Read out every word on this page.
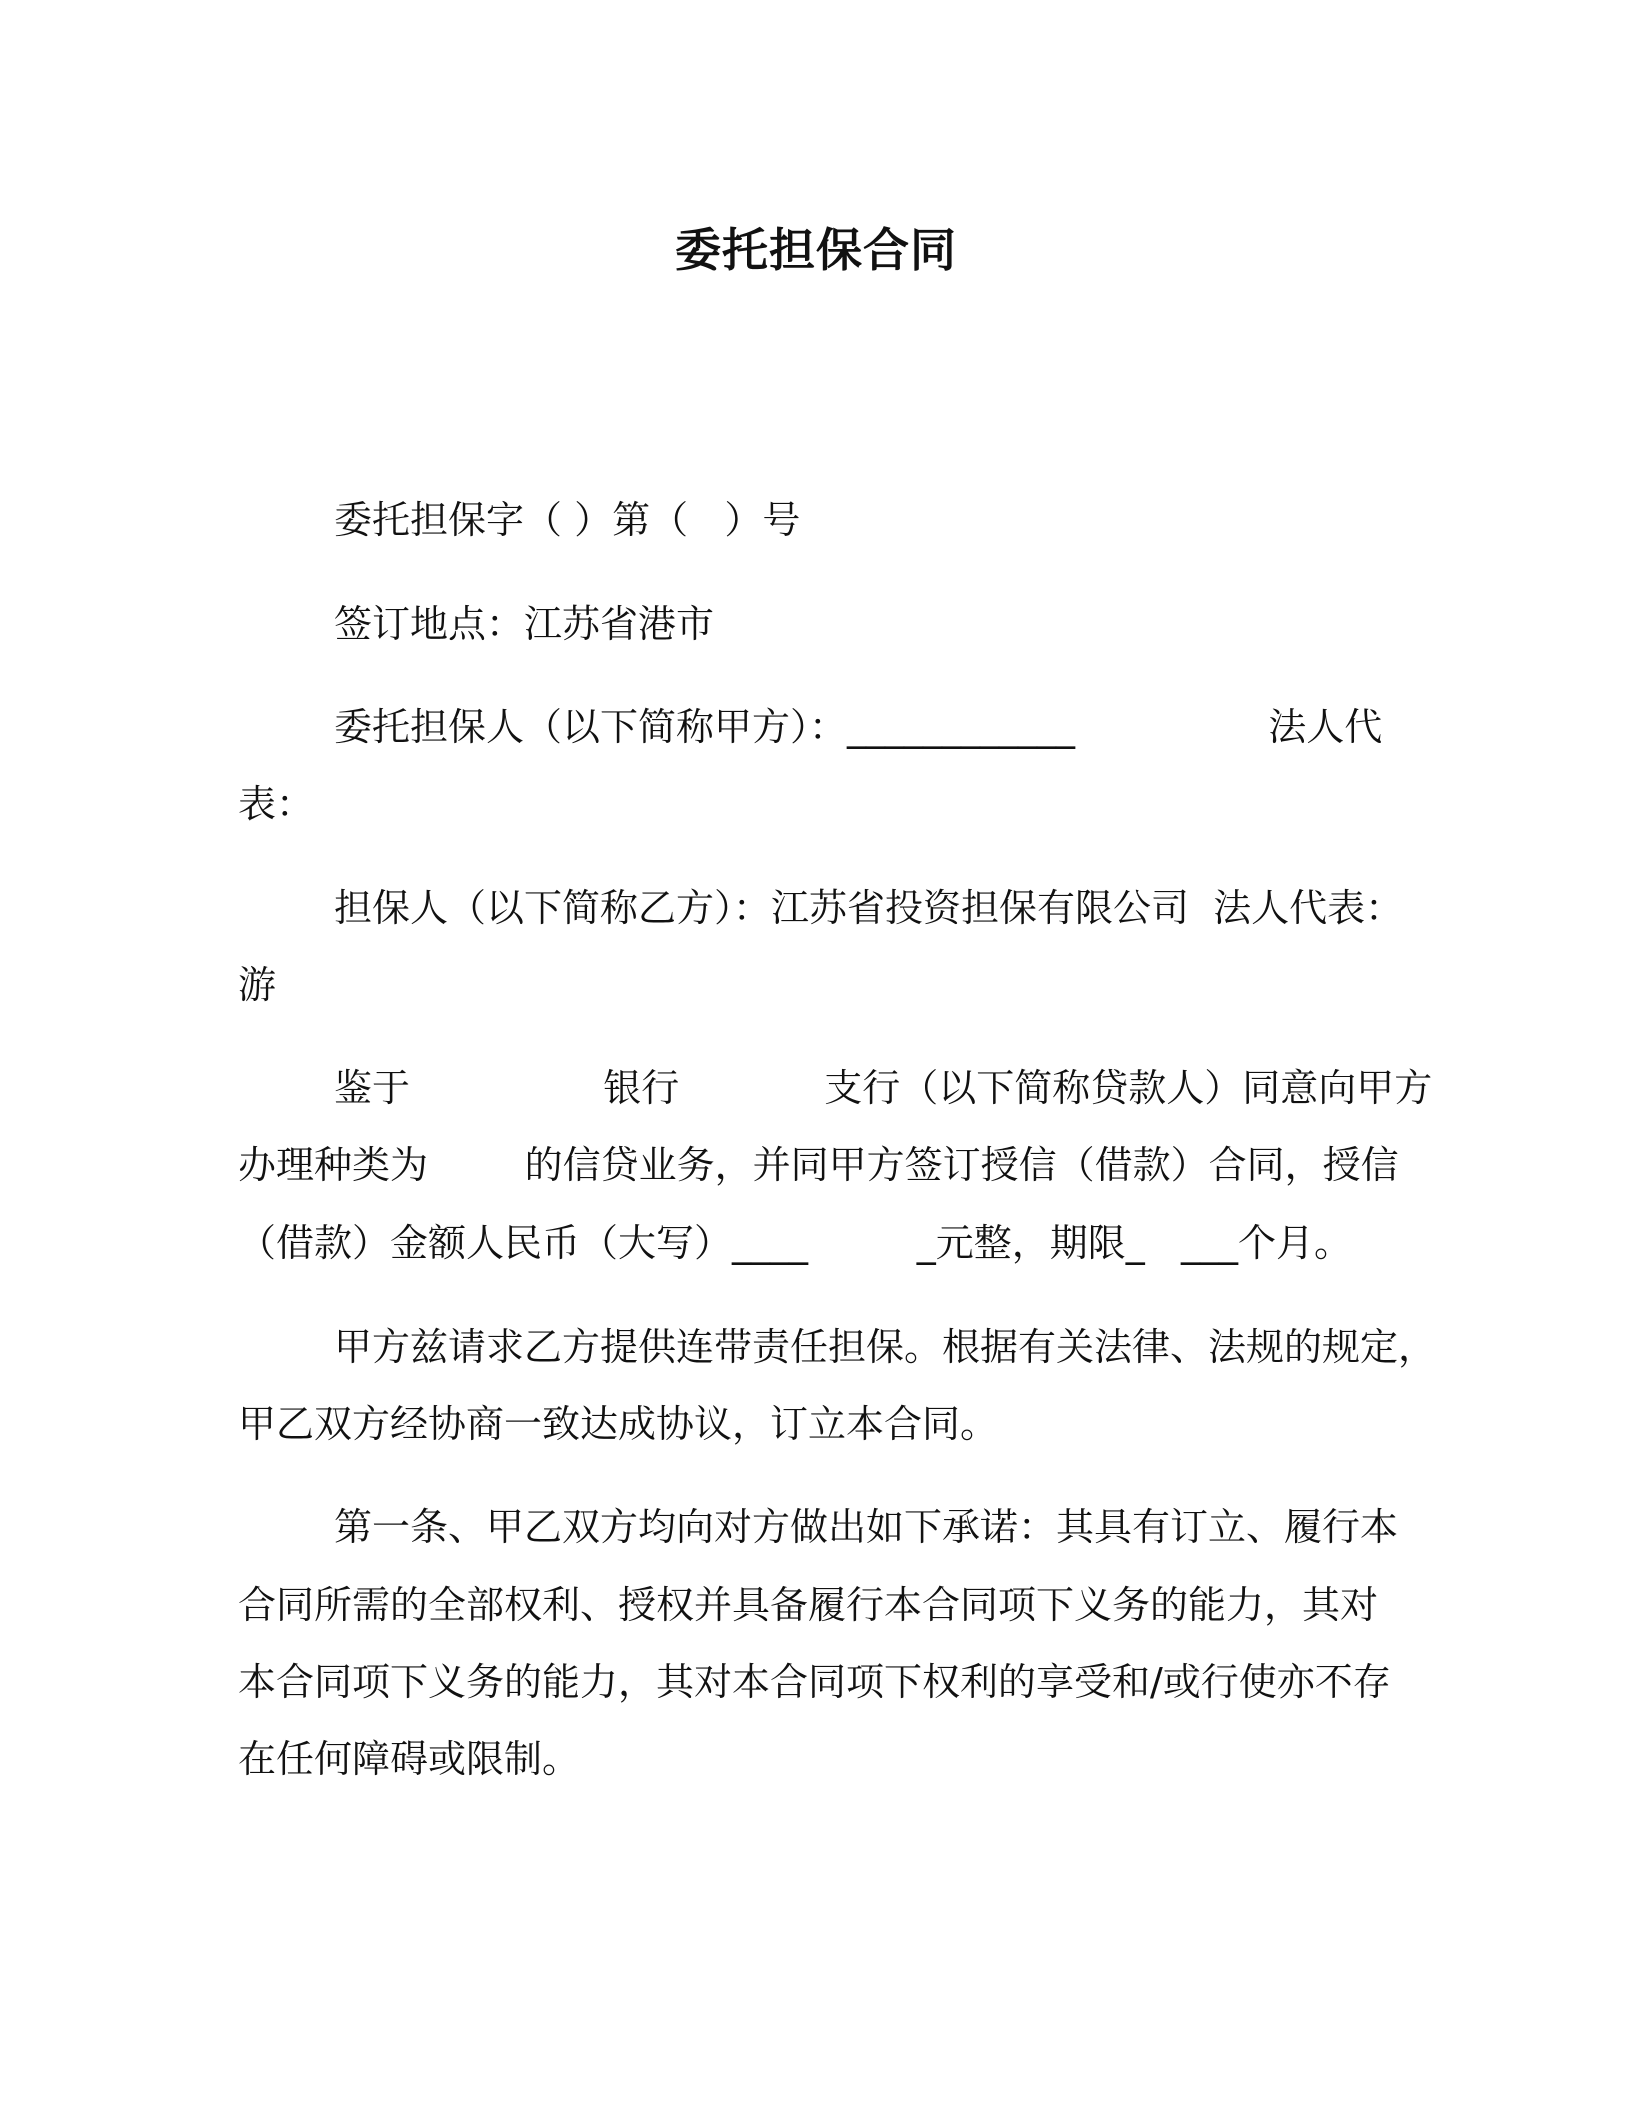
委托担保合同

委托担保字（ ）第（   ）号

签订地点：江苏省港市

委托担保人（以下简称甲方）：____________                法人代

表：

担保人（以下简称乙方）：江苏省投资担保有限公司  法人代表：

游

鉴于                银行            支行（以下简称贷款人）同意向甲方

办理种类为        的信贷业务，并同甲方签订授信（借款）合同，授信

（借款）金额人民币（大写）____         _元整，期限_   ___个月。

甲方兹请求乙方提供连带责任担保。根据有关法律、法规的规定，

甲乙双方经协商一致达成协议，订立本合同。

第一条、甲乙双方均向对方做出如下承诺：其具有订立、履行本

合同所需的全部权利、授权并具备履行本合同项下义务的能力，其对

本合同项下义务的能力，其对本合同项下权利的享受和/或行使亦不存

在任何障碍或限制。
